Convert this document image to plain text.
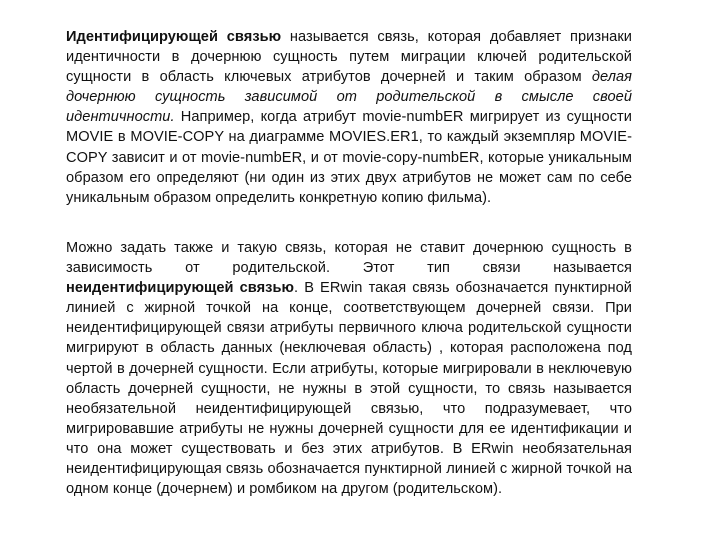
Идентифицирующей связью называется связь, которая добавляет признаки идентичности в дочернюю сущность путем миграции ключей родительской сущности в область ключевых атрибутов дочерней и таким образом делая дочернюю сущность зависимой от родительской в смысле своей идентичности. Например, когда атрибут movie-numbER мигрирует из сущности MOVIE в MOVIE-COPY на диаграмме MOVIES.ER1, то каждый экземпляр MOVIE-COPY зависит и от movie-numbER, и от movie-copy-numbER, которые уникальным образом его определяют (ни один из этих двух атрибутов не может сам по себе уникальным образом определить конкретную копию фильма).

Можно задать также и такую связь, которая не ставит дочернюю сущность в зависимость от родительской. Этот тип связи называется неидентифицирующей связью. В ERwin такая связь обозначается пунктирной линией с жирной точкой на конце, соответствующем дочерней связи. При неидентифицирующей связи атрибуты первичного ключа родительской сущности мигрируют в область данных (неключевая область) , которая расположена под чертой в дочерней сущности. Если атрибуты, которые мигрировали в неключевую область дочерней сущности, не нужны в этой сущности, то связь называется необязательной неидентифицирующей связью, что подразумевает, что мигрировавшие атрибуты не нужны дочерней сущности для ее идентификации и что она может существовать и без этих атрибутов. В ERwin необязательная неидентифицирующая связь обозначается пунктирной линией с жирной точкой на одном конце (дочернем) и ромбиком на другом (родительском).
